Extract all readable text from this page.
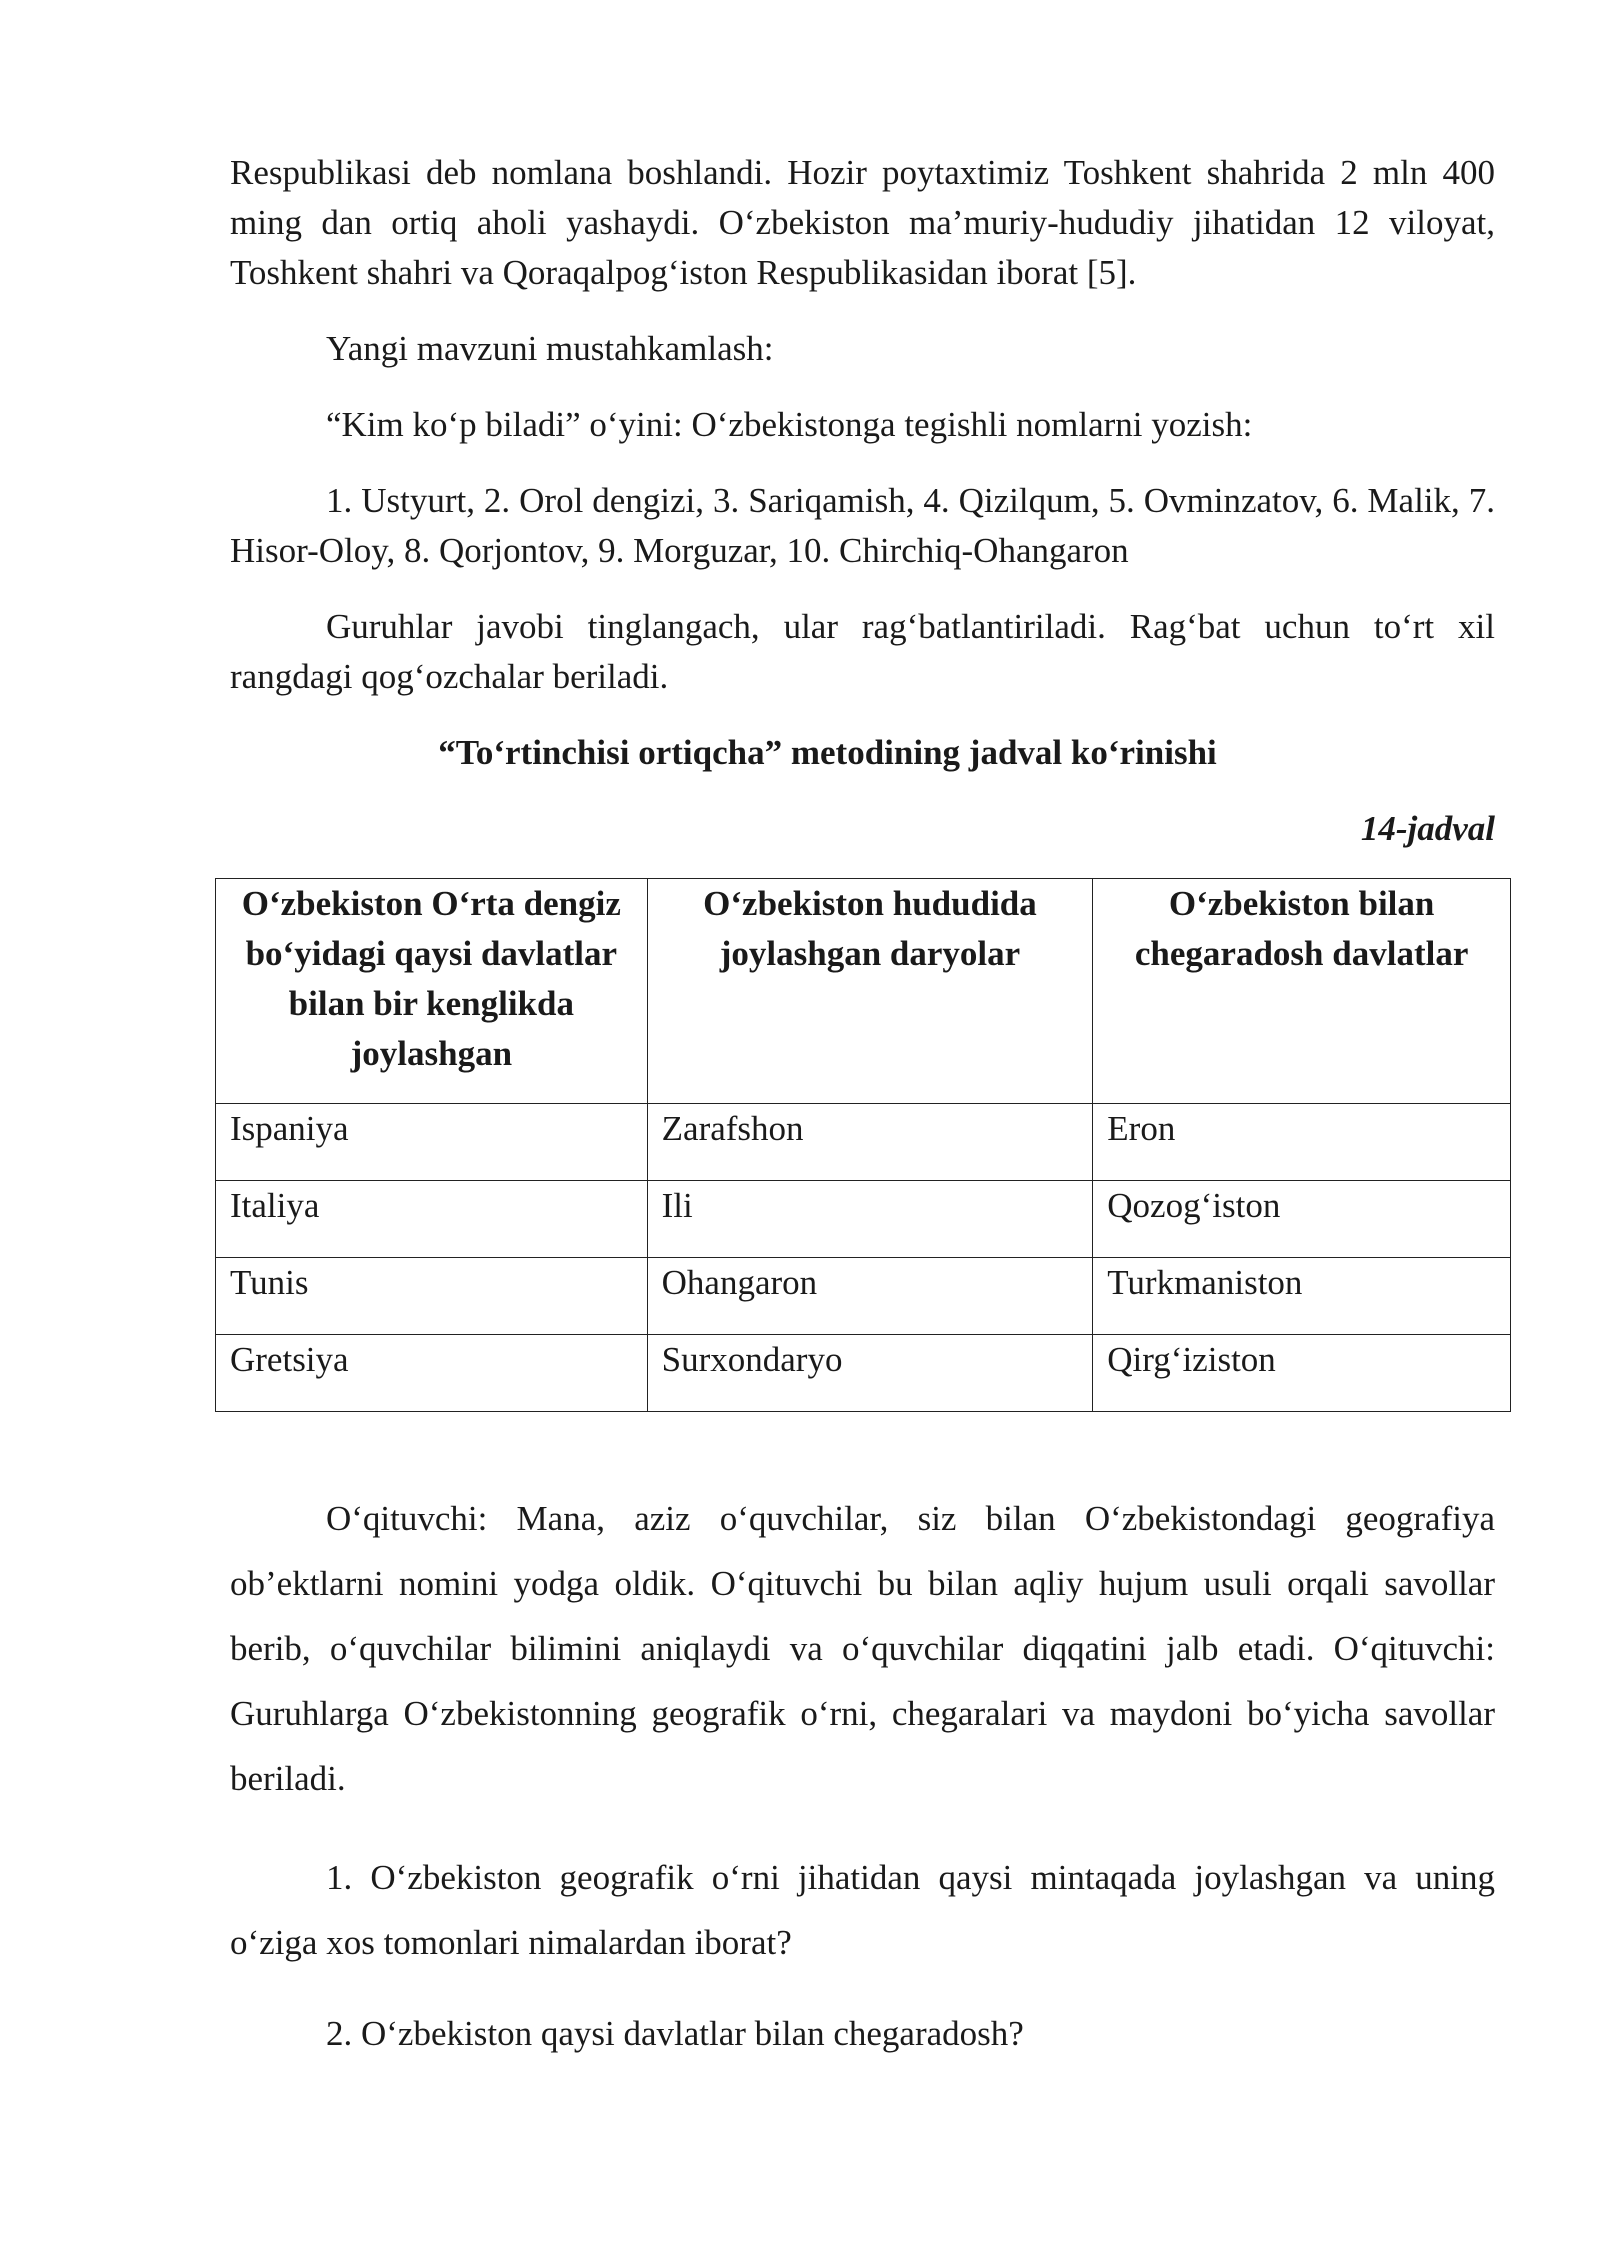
Respublikasi deb nomlana boshlandi. Hozir poytaxtimiz Toshkent shahrida 2 mln 400 ming dan ortiq aholi yashaydi. O‘zbekiston ma’muriy-hududiy jihatidan 12 viloyat, Toshkent shahri va Qoraqalpog‘iston Respublikasidan iborat [5].

Yangi mavzuni mustahkamlash:

“Kim ko‘p biladi” o‘yini: O‘zbekistonga tegishli nomlarni yozish:

1. Ustyurt, 2. Orol dengizi, 3. Sariqamish, 4. Qizilqum, 5. Ovminzatov, 6. Malik, 7. Hisor-Oloy, 8. Qorjontov, 9. Morguzar, 10. Chirchiq-Ohangaron

Guruhlar javobi tinglangach, ular rag‘batlantiriladi. Rag‘bat uchun to‘rt xil rangdagi qog‘ozchalar beriladi.

“To‘rtinchisi ortiqcha” metodining jadval ko‘rinishi

14-jadval

O‘zbekiston O‘rta dengiz bo‘yidagi qaysi davlatlar bilan bir kenglikda joylashgan	O‘zbekiston hududida joylashgan daryolar	O‘zbekiston bilan chegaradosh davlatlar
Ispaniya	Zarafshon	Eron
Italiya	Ili	Qozog‘iston
Tunis	Ohangaron	Turkmaniston
Gretsiya	Surxondaryo	Qirg‘iziston

O‘qituvchi: Mana, aziz o‘quvchilar, siz bilan O‘zbekistondagi geografiya ob’ektlarni nomini yodga oldik. O‘qituvchi bu bilan aqliy hujum usuli orqali savollar berib, o‘quvchilar bilimini aniqlaydi va o‘quvchilar diqqatini jalb etadi. O‘qituvchi: Guruhlarga O‘zbekistonning geografik o‘rni, chegaralari va maydoni bo‘yicha savollar beriladi.

1. O‘zbekiston geografik o‘rni jihatidan qaysi mintaqada joylashgan va uning o‘ziga xos tomonlari nimalardan iborat?

2. O‘zbekiston qaysi davlatlar bilan chegaradosh?
